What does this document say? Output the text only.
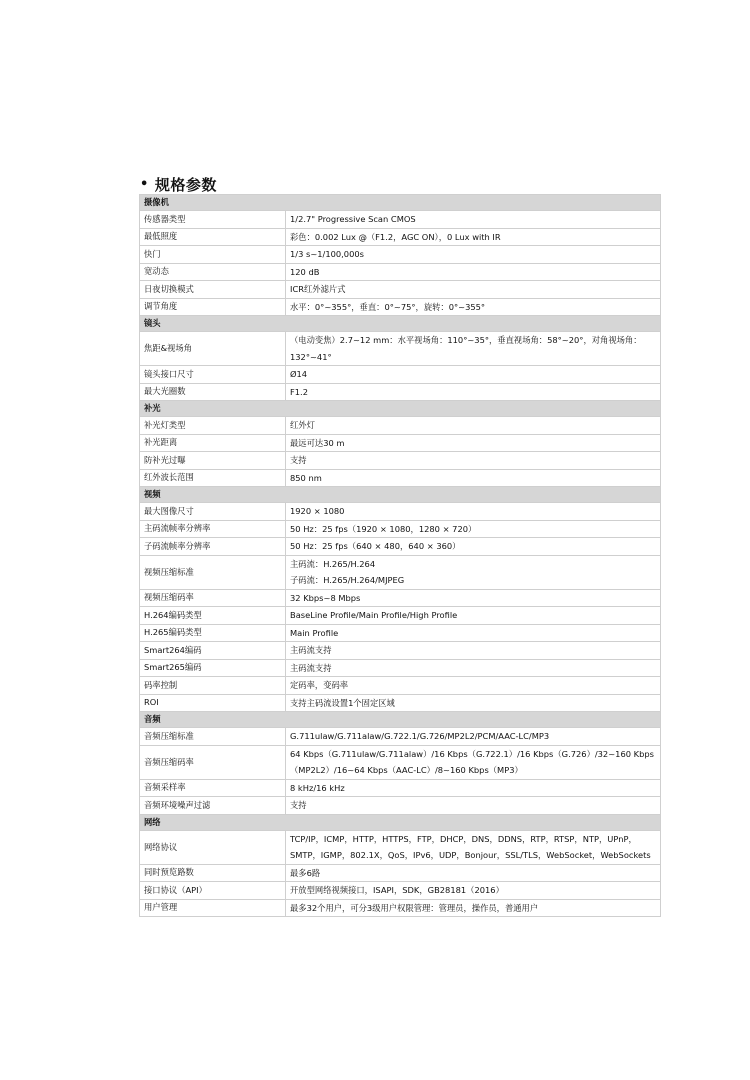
• 规格参数
摄像机	
传感器类型	1/2.7" Progressive Scan CMOS
最低照度	彩色：0.002 Lux @（F1.2，AGC ON），0 Lux with IR
快门	1/3 s~1/100,000s
宽动态	120 dB
日夜切换模式	ICR红外滤片式
调节角度	水平：0°~355°，垂直：0°~75°，旋转：0°~355°
镜头	
焦距&视场角	（电动变焦）2.7~12 mm：水平视场角：110°~35°，垂直视场角：58°~20°，对角视场角：132°~41°
镜头接口尺寸	Ø14
最大光圈数	F1.2
补光	
补光灯类型	红外灯
补光距离	最远可达30 m
防补光过曝	支持
红外波长范围	850 nm
视频	
最大图像尺寸	1920 × 1080
主码流帧率分辨率	50 Hz：25 fps（1920 × 1080，1280 × 720）
子码流帧率分辨率	50 Hz：25 fps（640 × 480，640 × 360）
视频压缩标准	主码流：H.265/H.264
子码流：H.265/H.264/MJPEG
视频压缩码率	32 Kbps~8 Mbps
H.264编码类型	BaseLine Profile/Main Profile/High Profile
H.265编码类型	Main Profile
Smart264编码	主码流支持
Smart265编码	主码流支持
码率控制	定码率，变码率
ROI	支持主码流设置1个固定区域
音频	
音频压缩标准	G.711ulaw/G.711alaw/G.722.1/G.726/MP2L2/PCM/AAC-LC/MP3
音频压缩码率	64 Kbps（G.711ulaw/G.711alaw）/16 Kbps（G.722.1）/16 Kbps（G.726）/32~160 Kbps（MP2L2）/16~64 Kbps（AAC-LC）/8~160 Kbps（MP3）
音频采样率	8 kHz/16 kHz
音频环境噪声过滤	支持
网络	
网络协议	TCP/IP，ICMP，HTTP，HTTPS，FTP，DHCP，DNS，DDNS，RTP，RTSP，NTP，UPnP，SMTP，IGMP，802.1X，QoS，IPv6，UDP，Bonjour，SSL/TLS，WebSocket，WebSockets
同时预览路数	最多6路
接口协议（API）	开放型网络视频接口，ISAPI，SDK，GB28181（2016）
用户管理	最多32个用户，可分3级用户权限管理：管理员，操作员，普通用户
